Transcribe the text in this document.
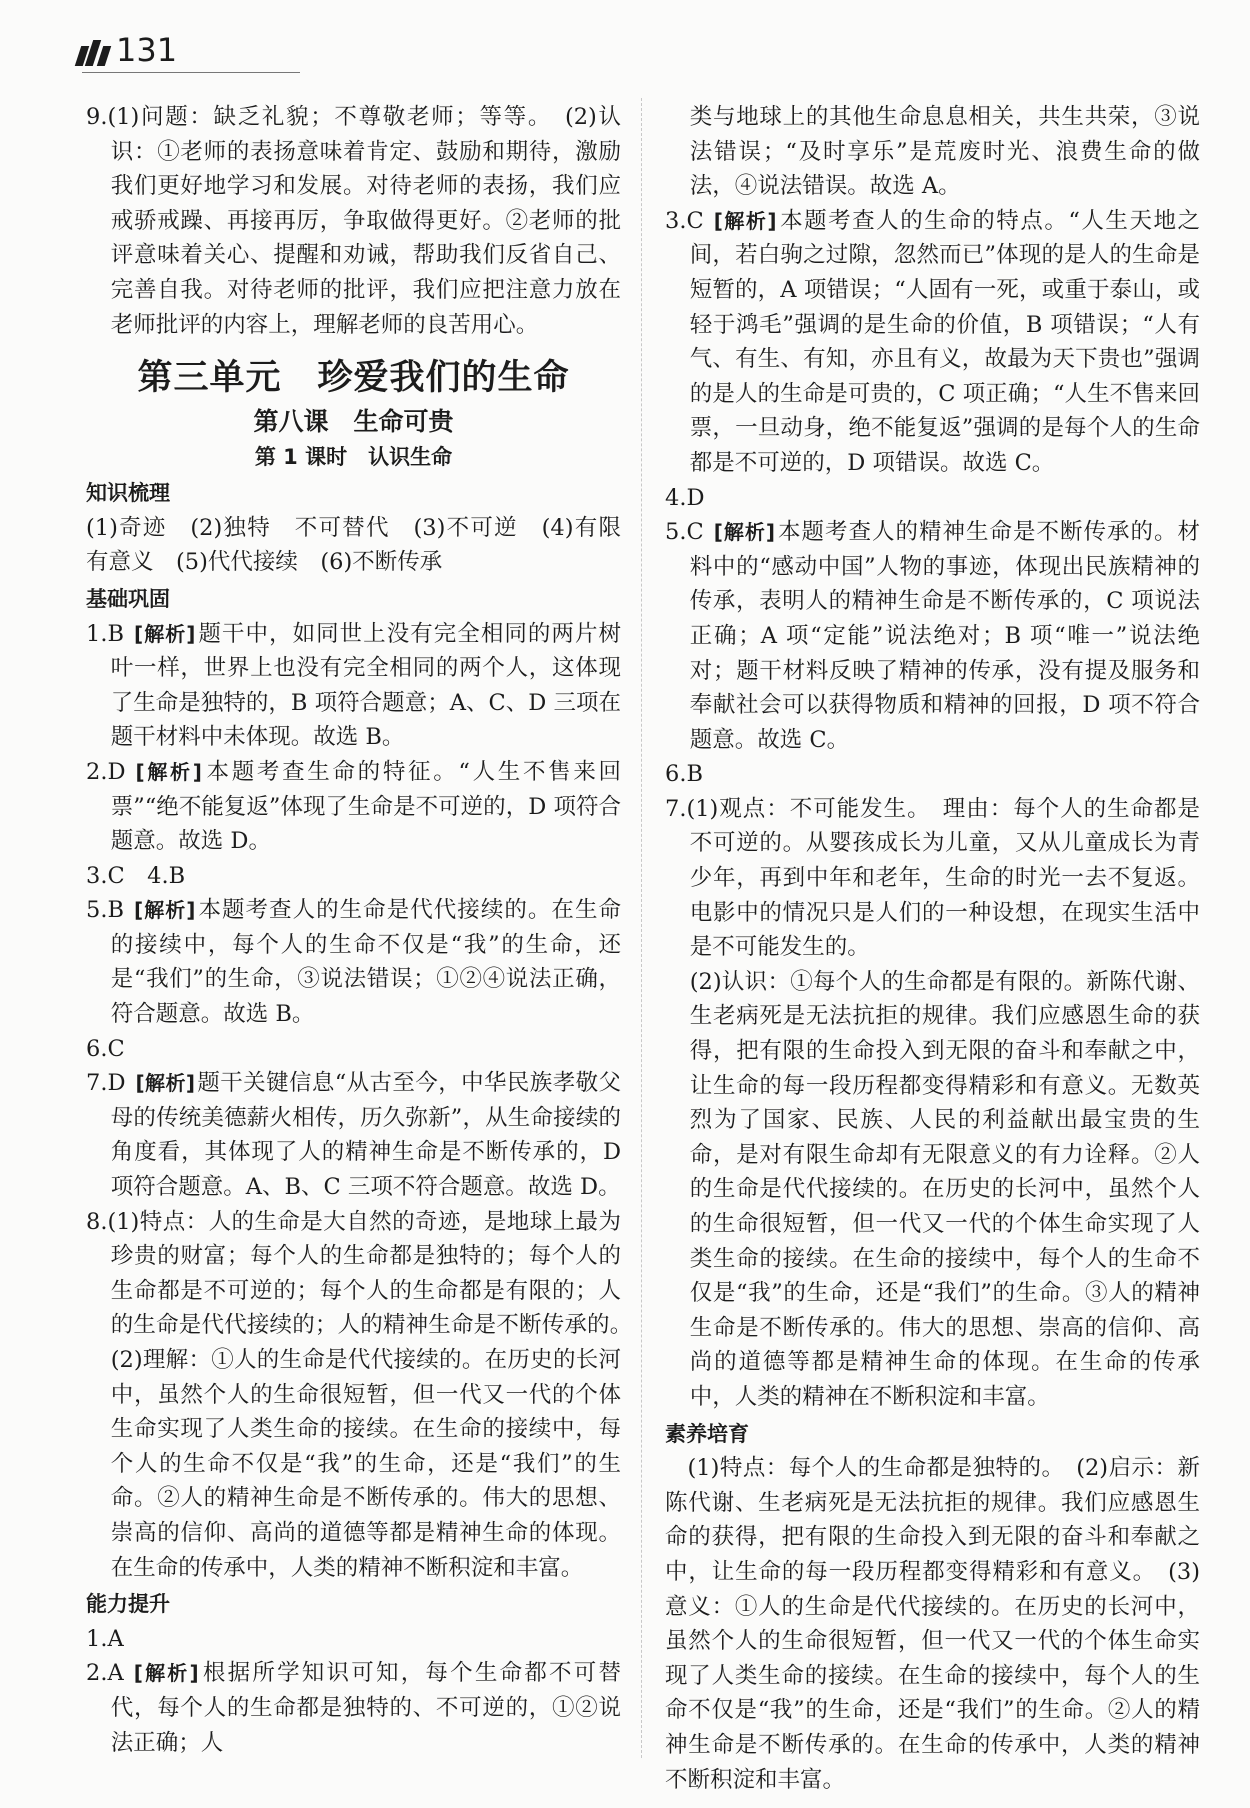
131

9.(1)问题：缺乏礼貌；不尊敬老师；等等。　(2)认识：①老师的表扬意味着肯定、鼓励和期待，激励我们更好地学习和发展。对待老师的表扬，我们应戒骄戒躁、再接再厉，争取做得更好。②老师的批评意味着关心、提醒和劝诫，帮助我们反省自己、完善自我。对待老师的批评，我们应把注意力放在老师批评的内容上，理解老师的良苦用心。

第三单元　珍爱我们的生命
第八课　生命可贵
第 1 课时　认识生命
知识梳理

(1)奇迹　(2)独特　不可替代　(3)不可逆　(4)有限　有意义　(5)代代接续　(6)不断传承

基础巩固

1.B [解析]题干中，如同世上没有完全相同的两片树叶一样，世界上也没有完全相同的两个人，这体现了生命是独特的，B 项符合题意；A、C、D 三项在题干材料中未体现。故选 B。

2.D [解析]本题考查生命的特征。“人生不售来回票”“绝不能复返”体现了生命是不可逆的，D 项符合题意。故选 D。

3.C　4.B

5.B [解析]本题考查人的生命是代代接续的。在生命的接续中，每个人的生命不仅是“我”的生命，还是“我们”的生命，③说法错误；①②④说法正确，符合题意。故选 B。

6.C

7.D [解析]题干关键信息“从古至今，中华民族孝敬父母的传统美德薪火相传，历久弥新”，从生命接续的角度看，其体现了人的精神生命是不断传承的，D 项符合题意。A、B、C 三项不符合题意。故选 D。

8.(1)特点：人的生命是大自然的奇迹，是地球上最为珍贵的财富；每个人的生命都是独特的；每个人的生命都是不可逆的；每个人的生命都是有限的；人的生命是代代接续的；人的精神生命是不断传承的。　(2)理解：①人的生命是代代接续的。在历史的长河中，虽然个人的生命很短暂，但一代又一代的个体生命实现了人类生命的接续。在生命的接续中，每个人的生命不仅是“我”的生命，还是“我们”的生命。②人的精神生命是不断传承的。伟大的思想、崇高的信仰、高尚的道德等都是精神生命的体现。在生命的传承中，人类的精神不断积淀和丰富。

能力提升

1.A

2.A [解析]根据所学知识可知，每个生命都不可替代，每个人的生命都是独特的、不可逆的，①②说法正确；人

类与地球上的其他生命息息相关，共生共荣，③说法错误；“及时享乐”是荒废时光、浪费生命的做法，④说法错误。故选 A。

3.C [解析]本题考查人的生命的特点。“人生天地之间，若白驹之过隙，忽然而已”体现的是人的生命是短暂的，A 项错误；“人固有一死，或重于泰山，或轻于鸿毛”强调的是生命的价值，B 项错误；“人有气、有生、有知，亦且有义，故最为天下贵也”强调的是人的生命是可贵的，C 项正确；“人生不售来回票，一旦动身，绝不能复返”强调的是每个人的生命都是不可逆的，D 项错误。故选 C。

4.D

5.C [解析]本题考查人的精神生命是不断传承的。材料中的“感动中国”人物的事迹，体现出民族精神的传承，表明人的精神生命是不断传承的，C 项说法正确；A 项“定能”说法绝对；B 项“唯一”说法绝对；题干材料反映了精神的传承，没有提及服务和奉献社会可以获得物质和精神的回报，D 项不符合题意。故选 C。

6.B

7.(1)观点：不可能发生。　理由：每个人的生命都是不可逆的。从婴孩成长为儿童，又从儿童成长为青少年，再到中年和老年，生命的时光一去不复返。电影中的情况只是人们的一种设想，在现实生活中是不可能发生的。

(2)认识：①每个人的生命都是有限的。新陈代谢、生老病死是无法抗拒的规律。我们应感恩生命的获得，把有限的生命投入到无限的奋斗和奉献之中，让生命的每一段历程都变得精彩和有意义。无数英烈为了国家、民族、人民的利益献出最宝贵的生命，是对有限生命却有无限意义的有力诠释。②人的生命是代代接续的。在历史的长河中，虽然个人的生命很短暂，但一代又一代的个体生命实现了人类生命的接续。在生命的接续中，每个人的生命不仅是“我”的生命，还是“我们”的生命。③人的精神生命是不断传承的。伟大的思想、崇高的信仰、高尚的道德等都是精神生命的体现。在生命的传承中，人类的精神在不断积淀和丰富。

素养培育

(1)特点：每个人的生命都是独特的。　(2)启示：新陈代谢、生老病死是无法抗拒的规律。我们应感恩生命的获得，把有限的生命投入到无限的奋斗和奉献之中，让生命的每一段历程都变得精彩和有意义。　(3)意义：①人的生命是代代接续的。在历史的长河中，虽然个人的生命很短暂，但一代又一代的个体生命实现了人类生命的接续。在生命的接续中，每个人的生命不仅是“我”的生命，还是“我们”的生命。②人的精神生命是不断传承的。在生命的传承中，人类的精神不断积淀和丰富。
